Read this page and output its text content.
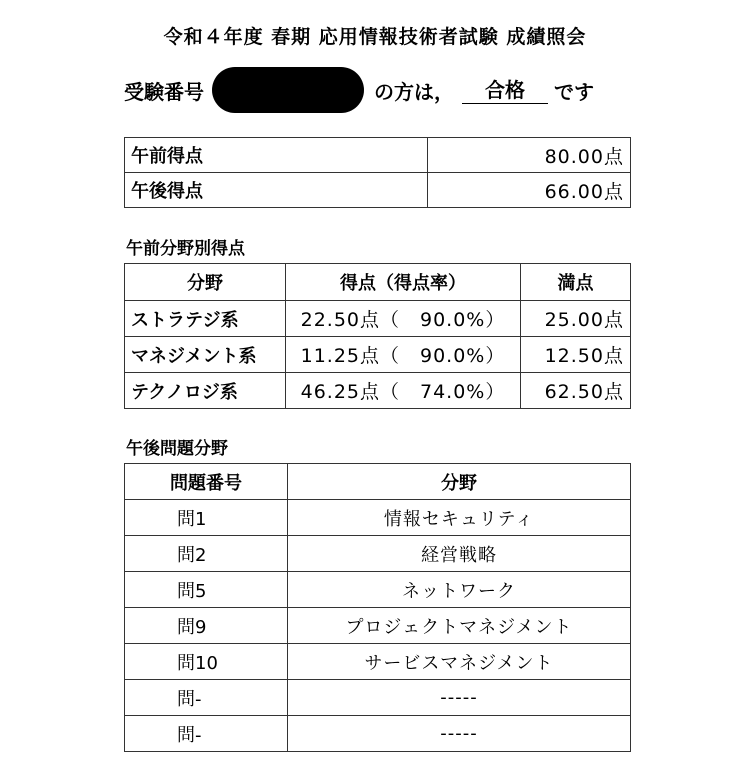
令和４年度 春期 応用情報技術者試験 成績照会
受験番号	の方は，	合格	です
午前得点	80.00点
午後得点	66.00点
午前分野別得点
分野	得点（得点率）	満点
ストラテジ系	22.50点（　90.0%）	25.00点
マネジメント系	11.25点（　90.0%）	12.50点
テクノロジ系	46.25点（　74.0%）	62.50点
午後問題分野
問題番号	分野
問1	情報セキュリティ
問2	経営戦略
問5	ネットワーク
問9	プロジェクトマネジメント
問10	サービスマネジメント
問-	-----
問-	-----
